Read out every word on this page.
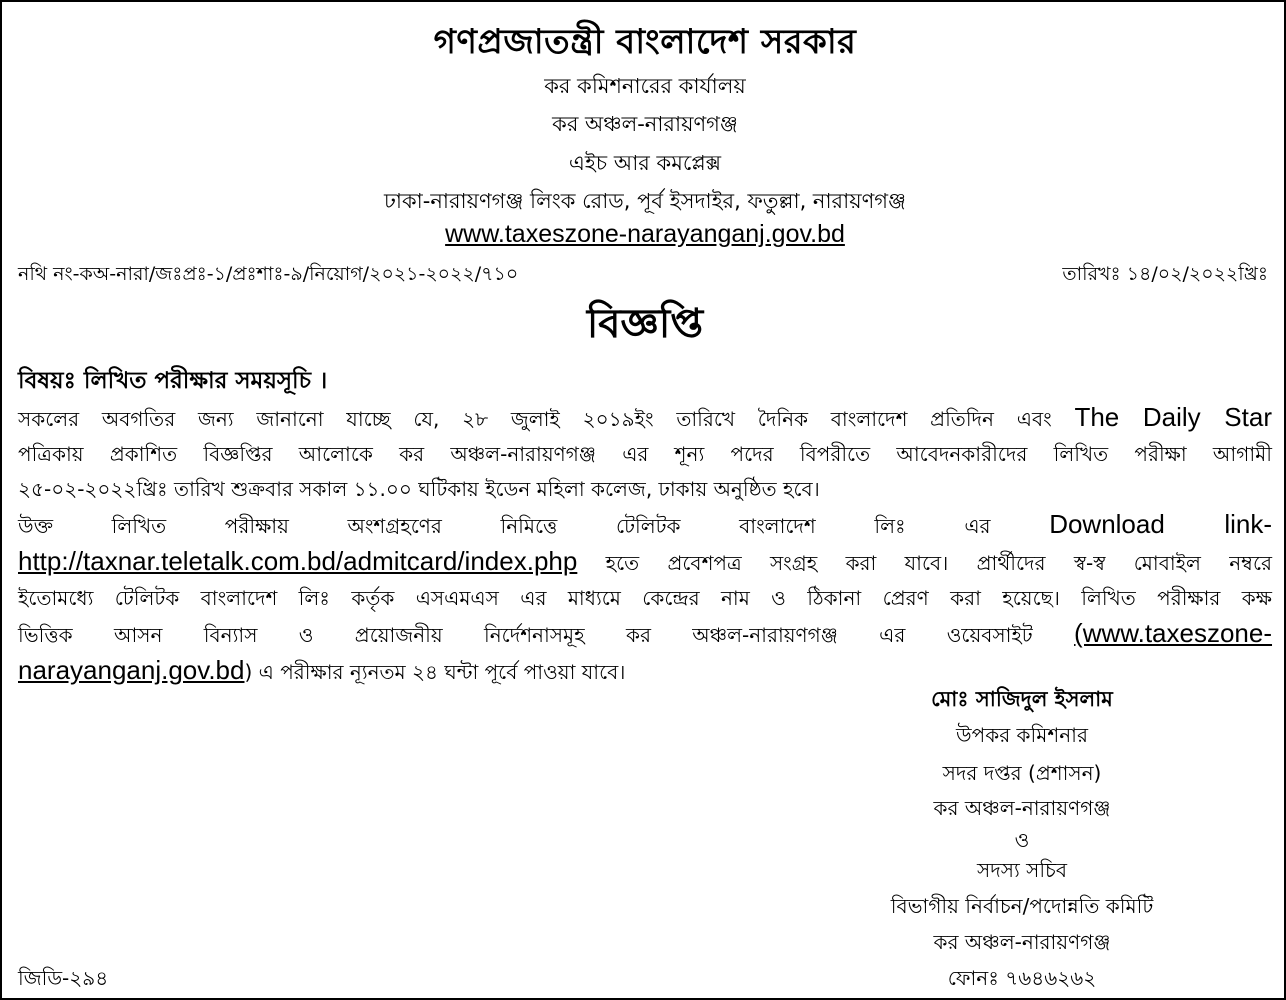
গণপ্রজাতন্ত্রী বাংলাদেশ সরকার
কর কমিশনারের কার্যালয়
কর অঞ্চল-নারায়ণগঞ্জ
এইচ আর কমপ্লেক্স
ঢাকা-নারায়ণগঞ্জ লিংক রোড, পূর্ব ইসদাইর, ফতুল্লা, নারায়ণগঞ্জ
www.taxeszone-narayanganj.gov.bd
নথি নং-কঅ-নারা/জঃপ্রঃ-১/প্রঃশাঃ-৯/নিয়োগ/২০২১-২০২২/৭১০	তারিখঃ ১৪/০২/২০২২খ্রিঃ
বিজ্ঞপ্তি
বিষয়ঃ লিখিত পরীক্ষার সময়সূচি ।
সকলের অবগতির জন্য জানানো যাচ্ছে যে, ২৮ জুলাই ২০১৯ইং তারিখে দৈনিক বাংলাদেশ প্রতিদিন এবং The Daily Star
পত্রিকায় প্রকাশিত বিজ্ঞপ্তির আলোকে কর অঞ্চল-নারায়ণগঞ্জ এর শূন্য পদের বিপরীতে আবেদনকারীদের লিখিত পরীক্ষা আগামী
২৫-০২-২০২২খ্রিঃ তারিখ শুক্রবার সকাল ১১.০০ ঘটিকায় ইডেন মহিলা কলেজ, ঢাকায় অনুষ্ঠিত হবে।
উক্ত লিখিত পরীক্ষায় অংশগ্রহণের নিমিত্তে টেলিটক বাংলাদেশ লিঃ এর Download link-
http://taxnar.teletalk.com.bd/admitcard/index.php হতে প্রবেশপত্র সংগ্রহ করা যাবে। প্রার্থীদের স্ব-স্ব মোবাইল নম্বরে
ইতোমধ্যে টেলিটক বাংলাদেশ লিঃ কর্তৃক এসএমএস এর মাধ্যমে কেন্দ্রের নাম ও ঠিকানা প্রেরণ করা হয়েছে। লিখিত পরীক্ষার কক্ষ
ভিত্তিক আসন বিন্যাস ও প্রয়োজনীয় নির্দেশনাসমূহ কর অঞ্চল-নারায়ণগঞ্জ এর ওয়েবসাইট (www.taxeszone-
narayanganj.gov.bd) এ পরীক্ষার ন্যূনতম ২৪ ঘন্টা পূর্বে পাওয়া যাবে।
মোঃ সাজিদুল ইসলাম
উপকর কমিশনার
সদর দপ্তর (প্রশাসন)
কর অঞ্চল-নারায়ণগঞ্জ
ও
সদস্য সচিব
বিভাগীয় নির্বাচন/পদোন্নতি কমিটি
কর অঞ্চল-নারায়ণগঞ্জ
ফোনঃ ৭৬৪৬২৬২
জিডি-২৯৪
